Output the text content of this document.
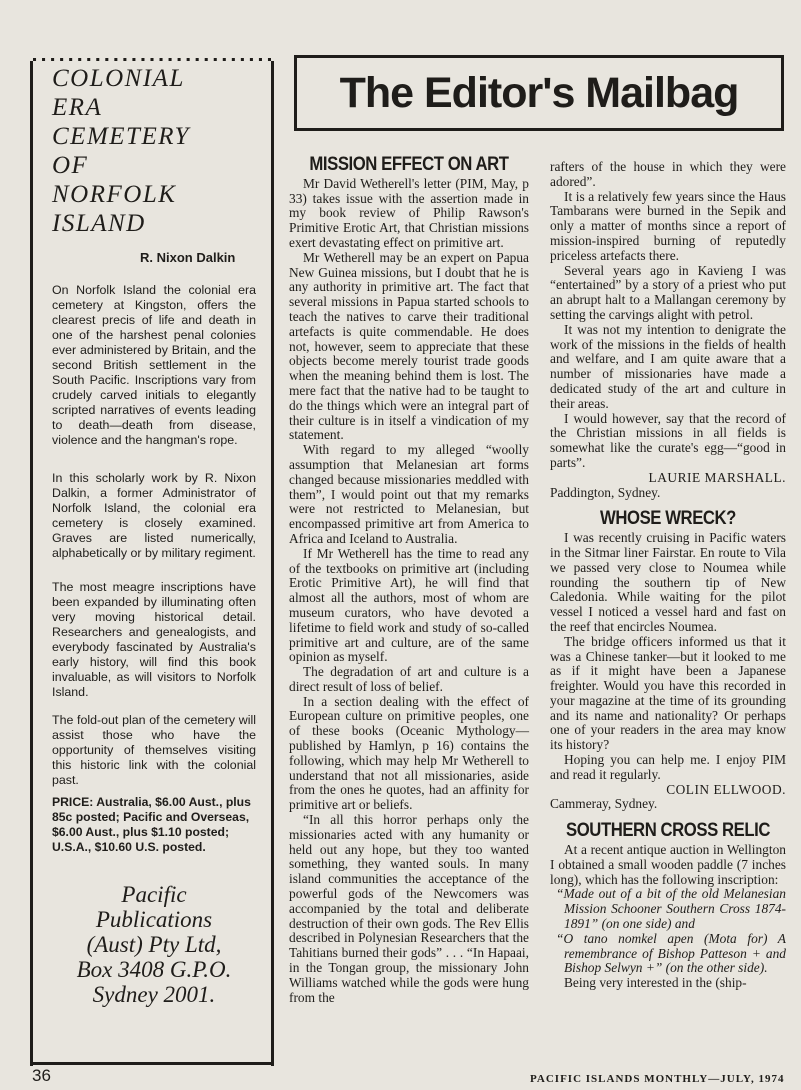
COLONIAL
ERA
CEMETERY
OF
NORFOLK
ISLAND
R. Nixon Dalkin
On Norfolk Island the colonial era cemetery at Kingston, offers the clearest precis of life and death in one of the harshest penal colonies ever administered by Britain, and the second British settlement in the South Pacific. Inscriptions vary from crudely carved initials to elegantly scripted narratives of events leading to death—death from disease, violence and the hangman's rope.
In this scholarly work by R. Nixon Dalkin, a former Administrator of Norfolk Island, the colonial era cemetery is closely examined. Graves are listed numerically, alphabetically or by military regiment.
The most meagre inscriptions have been expanded by illuminating often very moving historical detail. Researchers and genealogists, and everybody fascinated by Australia's early history, will find this book invaluable, as will visitors to Norfolk Island.
The fold-out plan of the cemetery will assist those who have the opportunity of themselves visiting this historic link with the colonial past.
PRICE: Australia, $6.00 Aust., plus 85c posted; Pacific and Overseas, $6.00 Aust., plus $1.10 posted; U.S.A., $10.60 U.S. posted.
Pacific
Publications
(Aust) Pty Ltd,
Box 3408 G.P.O.
Sydney 2001.
The Editor's Mailbag
MISSION EFFECT ON ART

Mr David Wetherell's letter (PIM, May, p 33) takes issue with the assertion made in my book review of Philip Rawson's Primitive Erotic Art, that Christian missions exert devastating effect on primitive art.

Mr Wetherell may be an expert on Papua New Guinea missions, but I doubt that he is any authority in primitive art. The fact that several missions in Papua started schools to teach the natives to carve their traditional artefacts is quite commendable. He does not, however, seem to appreciate that these objects become merely tourist trade goods when the meaning behind them is lost. The mere fact that the native had to be taught to do the things which were an integral part of their culture is in itself a vindication of my statement.

With regard to my alleged “woolly assumption that Melanesian art forms changed because missionaries meddled with them”, I would point out that my remarks were not restricted to Melanesian, but encompassed primitive art from America to Africa and Iceland to Australia.

If Mr Wetherell has the time to read any of the textbooks on primitive art (including Erotic Primitive Art), he will find that almost all the authors, most of whom are museum curators, who have devoted a lifetime to field work and study of so-called primitive art and culture, are of the same opinion as myself.

The degradation of art and culture is a direct result of loss of belief.

In a section dealing with the effect of European culture on primitive peoples, one of these books (Oceanic Mythology—published by Hamlyn, p 16) contains the following, which may help Mr Wetherell to understand that not all missionaries, aside from the ones he quotes, had an affinity for primitive art or beliefs.

“In all this horror perhaps only the missionaries acted with any humanity or held out any hope, but they too wanted something, they wanted souls. In many island communities the acceptance of the powerful gods of the Newcomers was accompanied by the total and deliberate destruction of their own gods. The Rev Ellis described in Polynesian Researchers that the Tahitians burned their gods” . . . “In Hapaai, in the Tongan group, the missionary John Williams watched while the gods were hung from the

rafters of the house in which they were adored”.

It is a relatively few years since the Haus Tambarans were burned in the Sepik and only a matter of months since a report of mission-inspired burning of reputedly priceless artefacts there.

Several years ago in Kavieng I was “entertained” by a story of a priest who put an abrupt halt to a Mallangan ceremony by setting the carvings alight with petrol.

It was not my intention to denigrate the work of the missions in the fields of health and welfare, and I am quite aware that a number of missionaries have made a dedicated study of the art and culture in their areas.

I would however, say that the record of the Christian missions in all fields is somewhat like the curate's egg—“good in parts”.

LAURIE MARSHALL.

Paddington, Sydney.

WHOSE WRECK?

I was recently cruising in Pacific waters in the Sitmar liner Fairstar. En route to Vila we passed very close to Noumea while rounding the southern tip of New Caledonia. While waiting for the pilot vessel I noticed a vessel hard and fast on the reef that encircles Noumea.

The bridge officers informed us that it was a Chinese tanker—but it looked to me as if it might have been a Japanese freighter. Would you have this recorded in your magazine at the time of its grounding and its name and nationality? Or perhaps one of your readers in the area may know its history?

Hoping you can help me. I enjoy PIM and read it regularly.

COLIN ELLWOOD.

Cammeray, Sydney.

SOUTHERN CROSS RELIC

At a recent antique auction in Wellington I obtained a small wooden paddle (7 inches long), which has the following inscription:

“Made out of a bit of the old Melanesian Mission Schooner Southern Cross 1874-1891” (on one side) and

“O tano nomkel apen (Mota for) A remembrance of Bishop Patteson + and Bishop Selwyn +” (on the other side).

Being very interested in the (ship-

36	PACIFIC ISLANDS MONTHLY—JULY, 1974
